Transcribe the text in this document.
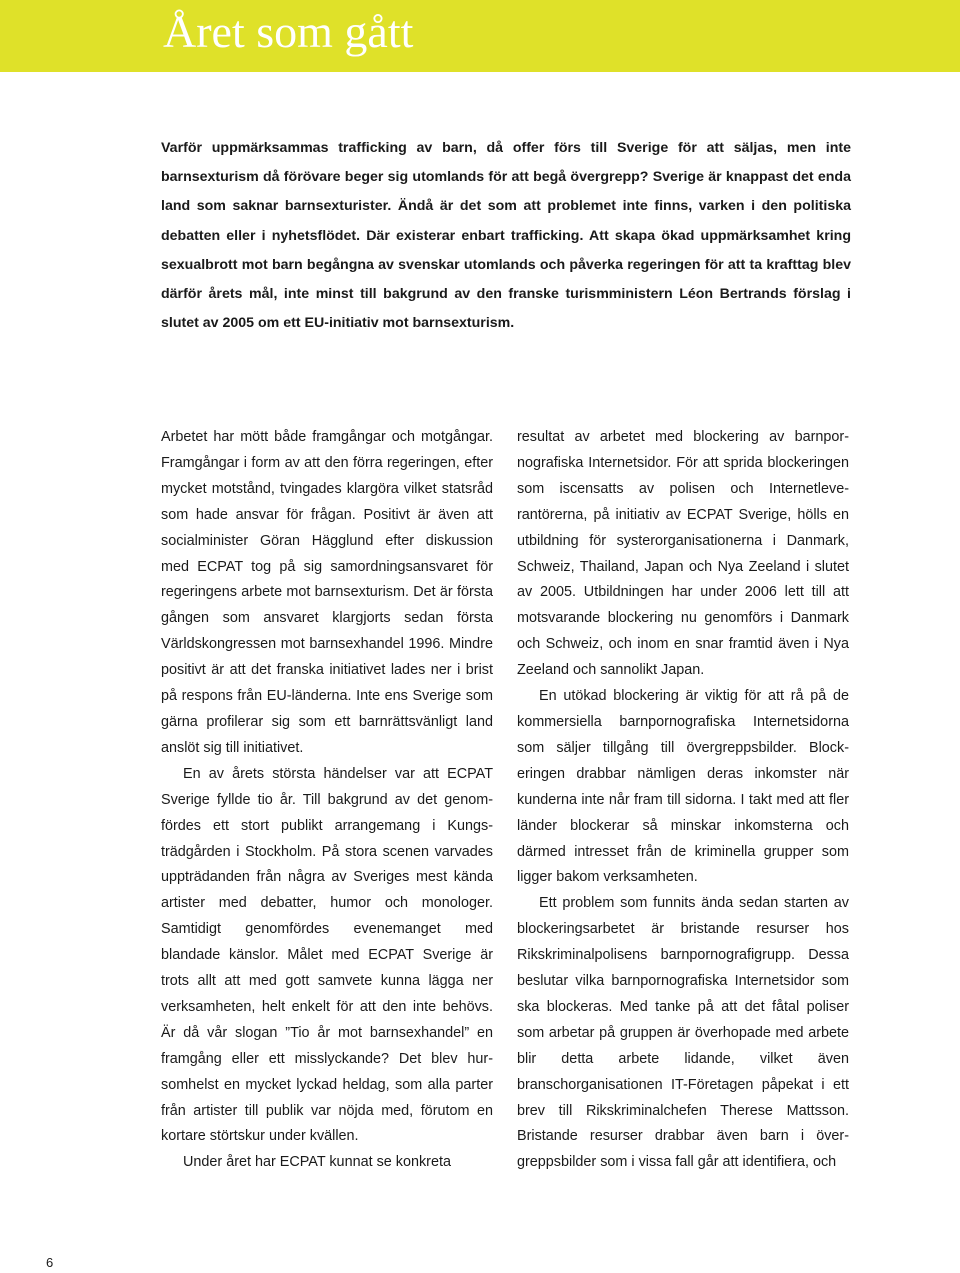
Året som gått

Varför uppmärksammas trafficking av barn, då offer förs till Sverige för att säljas, men inte barnsexturism då förövare beger sig utomlands för att begå övergrepp? Sverige är knappast det enda land som saknar barnsexturister. Ändå är det som att problemet inte finns, varken i den politiska debatten eller i nyhetsflödet. Där existerar enbart trafficking. Att skapa ökad uppmärksamhet kring sexualbrott mot barn begångna av svenskar utomlands och påverka regeringen för att ta krafttag blev därför årets mål, inte minst till bakgrund av den franske turismministern Léon Bertrands förslag i slutet av 2005 om ett EU-initiativ mot barnsexturism.

Arbetet har mött både framgångar och motgångar. Framgångar i form av att den förra regeringen, efter mycket motstånd, tvingades klargöra vilket statsråd som hade ansvar för frågan. Positivt är även att socialminister Göran Hägglund efter diskussion med ECPAT tog på sig samordningsansvaret för regeringens arbete mot barnsexturism. Det är första gången som ansvaret klargjorts sedan första Världskongressen mot barnsexhandel 1996. Mindre positivt är att det franska initiativet lades ner i brist på respons från EU-länderna. Inte ens Sverige som gärna profilerar sig som ett barnrättsvänligt land anslöt sig till initiativet.

En av årets största händelser var att ECPAT Sverige fyllde tio år. Till bakgrund av det genomfördes ett stort publikt arrangemang i Kungsträdgården i Stockholm. På stora scenen varvades uppträdanden från några av Sveriges mest kända artister med debatter, humor och monologer. Samtidigt genomfördes evenemanget med blandade känslor. Målet med ECPAT Sverige är trots allt att med gott samvete kunna lägga ner verksamheten, helt enkelt för att den inte behövs. Är då vår slogan ”Tio år mot barnsexhandel” en framgång eller ett misslyckande? Det blev hursomhelst en mycket lyckad heldag, som alla parter från artister till publik var nöjda med, förutom en kortare störtskur under kvällen.

Under året har ECPAT kunnat se konkreta

resultat av arbetet med blockering av barnpornografiska Internetsidor. För att sprida blockeringen som iscensatts av polisen och Internetleverantörerna, på initiativ av ECPAT Sverige, hölls en utbildning för systerorganisationerna i Danmark, Schweiz, Thailand, Japan och Nya Zeeland i slutet av 2005. Utbildningen har under 2006 lett till att motsvarande blockering nu genomförs i Danmark och Schweiz, och inom en snar framtid även i Nya Zeeland och sannolikt Japan.

En utökad blockering är viktig för att rå på de kommersiella barnpornografiska Internetsidorna som säljer tillgång till övergreppsbilder. Blockeringen drabbar nämligen deras inkomster när kunderna inte når fram till sidorna. I takt med att fler länder blockerar så minskar inkomsterna och därmed intresset från de kriminella grupper som ligger bakom verksamheten.

Ett problem som funnits ända sedan starten av blockeringsarbetet är bristande resurser hos Rikskriminalpolisens barnpornografigrupp. Dessa beslutar vilka barnpornografiska Internetsidor som ska blockeras. Med tanke på att det fåtal poliser som arbetar på gruppen är överhopade med arbete blir detta arbete lidande, vilket även branschorganisationen IT-Företagen påpekat i ett brev till Rikskriminalchefen Therese Mattsson. Bristande resurser drabbar även barn i övergreppsbilder som i vissa fall går att identifiera, och

6
